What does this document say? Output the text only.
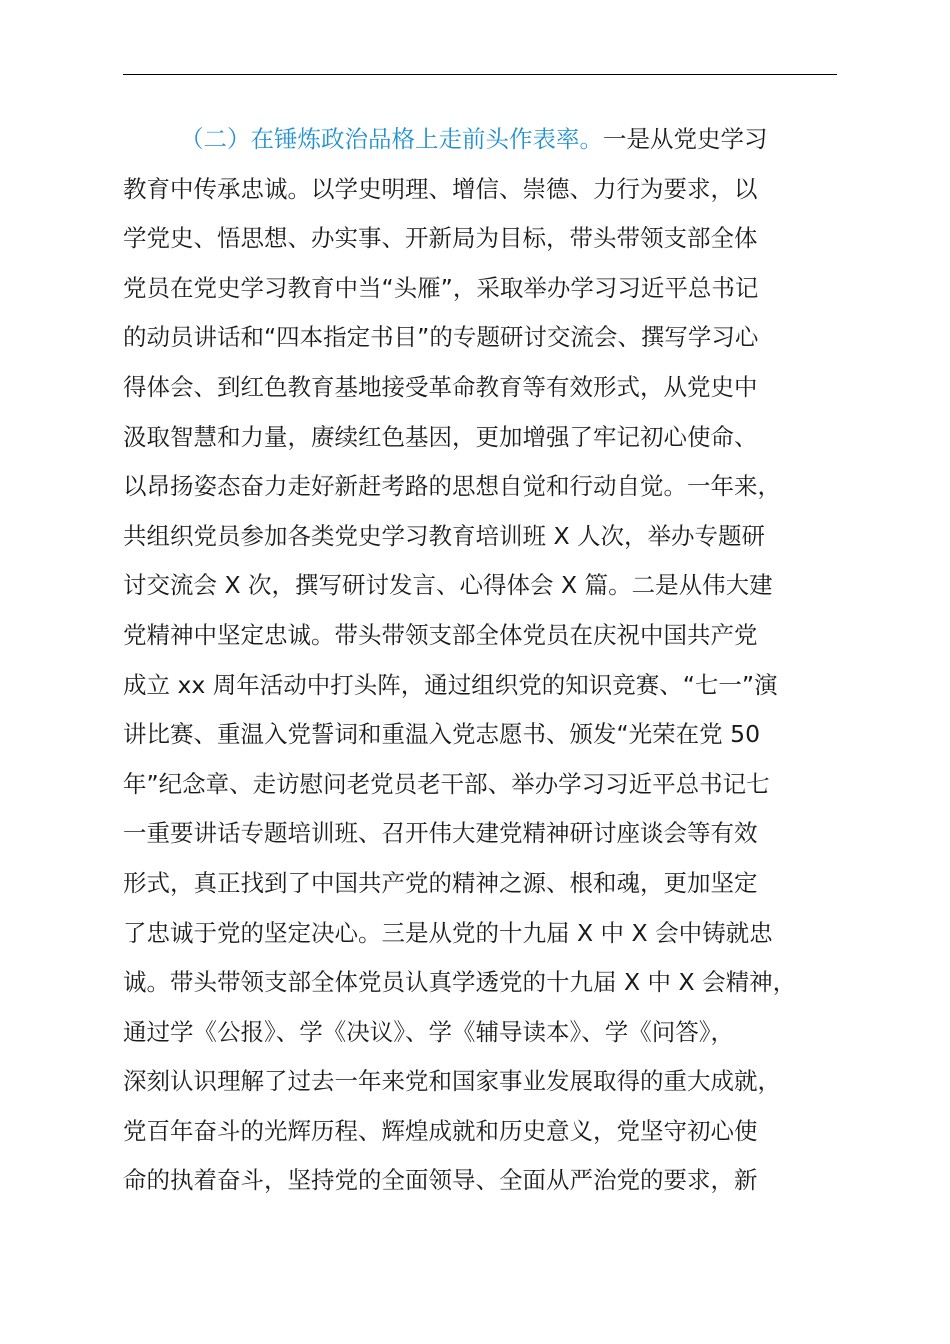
（二）在锤炼政治品格上走前头作表率。一是从党史学习
教育中传承忠诚。以学史明理、增信、崇德、力行为要求，以
学党史、悟思想、办实事、开新局为目标，带头带领支部全体
党员在党史学习教育中当“头雁”，采取举办学习习近平总书记
的动员讲话和“四本指定书目”的专题研讨交流会、撰写学习心
得体会、到红色教育基地接受革命教育等有效形式，从党史中
汲取智慧和力量，赓续红色基因，更加增强了牢记初心使命、
以昂扬姿态奋力走好新赶考路的思想自觉和行动自觉。一年来，
共组织党员参加各类党史学习教育培训班 X 人次，举办专题研
讨交流会 X 次，撰写研讨发言、心得体会 X 篇。二是从伟大建
党精神中坚定忠诚。带头带领支部全体党员在庆祝中国共产党
成立 xx 周年活动中打头阵，通过组织党的知识竞赛、“七一”演
讲比赛、重温入党誓词和重温入党志愿书、颁发“光荣在党 50
年”纪念章、走访慰问老党员老干部、举办学习习近平总书记七
一重要讲话专题培训班、召开伟大建党精神研讨座谈会等有效
形式，真正找到了中国共产党的精神之源、根和魂，更加坚定
了忠诚于党的坚定决心。三是从党的十九届 X 中 X 会中铸就忠
诚。带头带领支部全体党员认真学透党的十九届 X 中 X 会精神，
通过学《公报》、学《决议》、学《辅导读本》、学《问答》，
深刻认识理解了过去一年来党和国家事业发展取得的重大成就，
党百年奋斗的光辉历程、辉煌成就和历史意义，党坚守初心使
命的执着奋斗，坚持党的全面领导、全面从严治党的要求，新
